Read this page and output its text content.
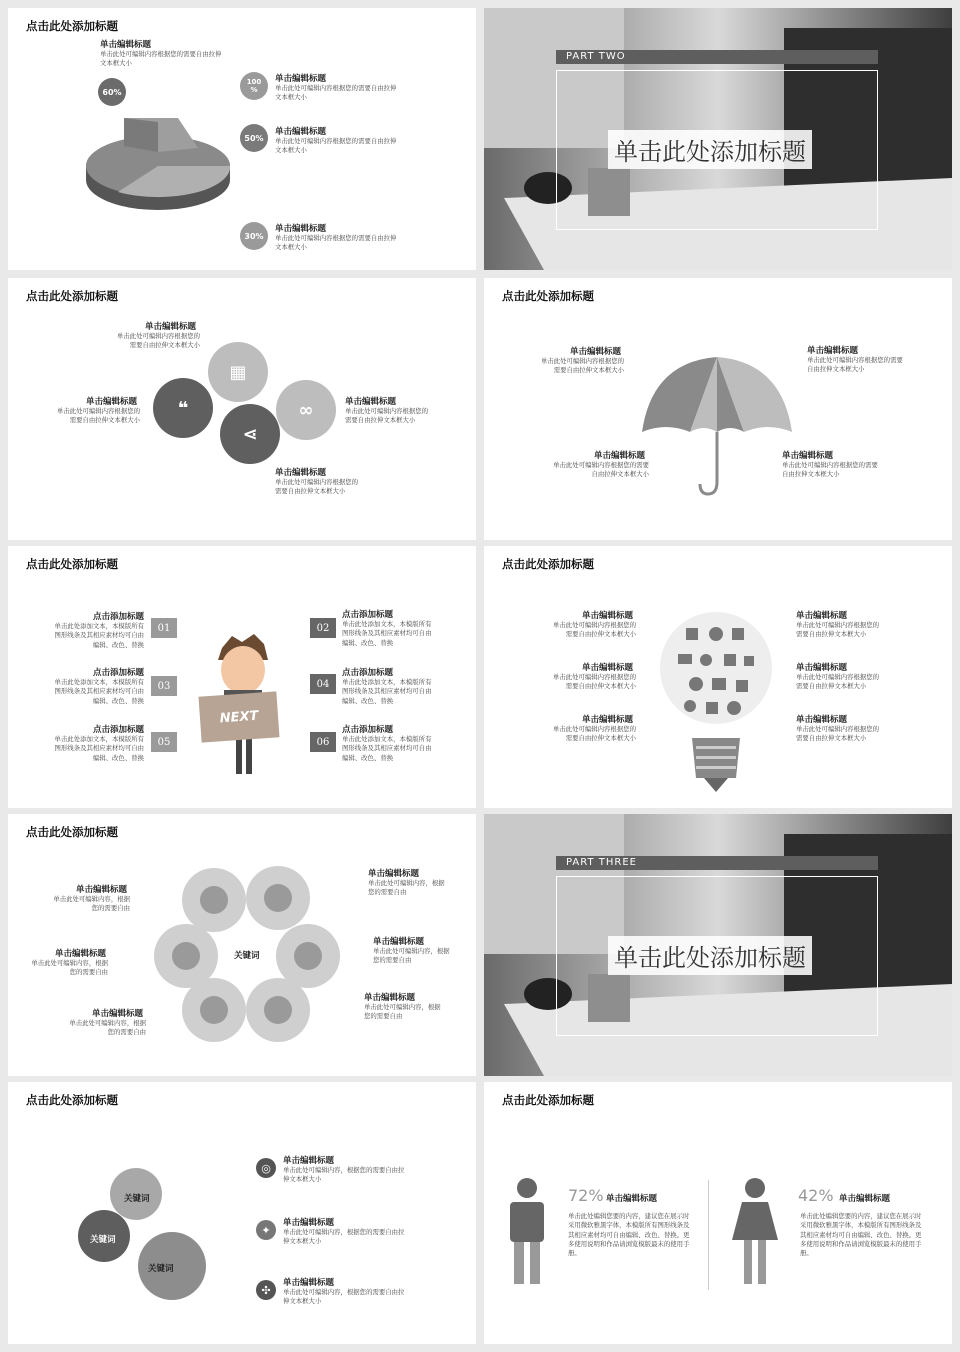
点击此处添加标题
单击编辑标题
单击此处可编辑内容根据您的需要自由拉伸
文本框大小
60%
100
%
50%
30%
单击编辑标题
单击此处可编辑内容根据您的需要自由拉伸
文本框大小
单击编辑标题
单击此处可编辑内容根据您的需要自由拉伸
文本框大小
单击编辑标题
单击此处可编辑内容根据您的需要自由拉伸
文本框大小
PART TWO
单击此处添加标题
点击此处添加标题
单击编辑标题
单击此处可编辑内容根据您的
需要自由拉伸文本框大小
单击编辑标题
单击此处可编辑内容根据您的
需要自由拉伸文本框大小
单击编辑标题
单击此处可编辑内容根据您的
需要自由拉伸文本框大小
单击编辑标题
单击此处可编辑内容根据您的
需要自由拉伸文本框大小
▦
❝	∞
⋖
点击此处添加标题
单击编辑标题
单击此处可编辑内容根据您的
需要自由拉伸文本框大小
单击编辑标题
单击此处可编辑内容根据您的需要
自由拉伸文本框大小
单击编辑标题
单击此处可编辑内容根据您的需要
自由拉伸文本框大小
单击编辑标题
单击此处可编辑内容根据您的需要
自由拉伸文本框大小
点击此处添加标题
点击添加标题
单击此处添加文本，本模版所有
图形线条及其相应素材均可自由
编辑、改色、替换
01
点击添加标题
单击此处添加文本，本模版所有
图形线条及其相应素材均可自由
编辑、改色、替换
03
点击添加标题
单击此处添加文本，本模版所有
图形线条及其相应素材均可自由
编辑、改色、替换
05
02
点击添加标题
单击此处添加文本，本模版所有
图形线条及其相应素材均可自由
编辑、改色、替换
04
点击添加标题
单击此处添加文本，本模版所有
图形线条及其相应素材均可自由
编辑、改色、替换
06
点击添加标题
单击此处添加文本，本模版所有
图形线条及其相应素材均可自由
编辑、改色、替换
NEXT
点击此处添加标题
单击编辑标题
单击此处可编辑内容根据您的
需要自由拉伸文本框大小
单击编辑标题
单击此处可编辑内容根据您的
需要自由拉伸文本框大小
单击编辑标题
单击此处可编辑内容根据您的
需要自由拉伸文本框大小
单击编辑标题
单击此处可编辑内容根据您的
需要自由拉伸文本框大小
单击编辑标题
单击此处可编辑内容根据您的
需要自由拉伸文本框大小
单击编辑标题
单击此处可编辑内容根据您的
需要自由拉伸文本框大小
点击此处添加标题
单击编辑标题
单击此处可编辑内容，根据
您的需要自由
单击编辑标题
单击此处可编辑内容，根据
您的需要自由
单击编辑标题
单击此处可编辑内容，根据
您的需要自由
单击编辑标题
单击此处可编辑内容，根据
您的需要自由
单击编辑标题
单击此处可编辑内容，根据
您的需要自由
单击编辑标题
单击此处可编辑内容，根据
您的需要自由
关键词
PART THREE
单击此处添加标题
点击此处添加标题
关键词
关键词
关键词
◎
单击编辑标题
单击此处可编辑内容，根据您的需要自由拉
伸文本框大小
✦
单击编辑标题
单击此处可编辑内容，根据您的需要自由拉
伸文本框大小
✣
单击编辑标题
单击此处可编辑内容，根据您的需要自由拉
伸文本框大小
点击此处添加标题
72% 单击编辑标题
单击此处编辑您要的内容，建议您在展示时
采用微软雅黑字体，本模版所有图形线条及
其相应素材均可自由编辑、改色、替换。更
多使用说明和作品请浏览模版最末的使用手
册。
42% 单击编辑标题
单击此处编辑您要的内容，建议您在展示时
采用微软雅黑字体，本模版所有图形线条及
其相应素材均可自由编辑、改色、替换。更
多使用说明和作品请浏览模版最末的使用手
册。
